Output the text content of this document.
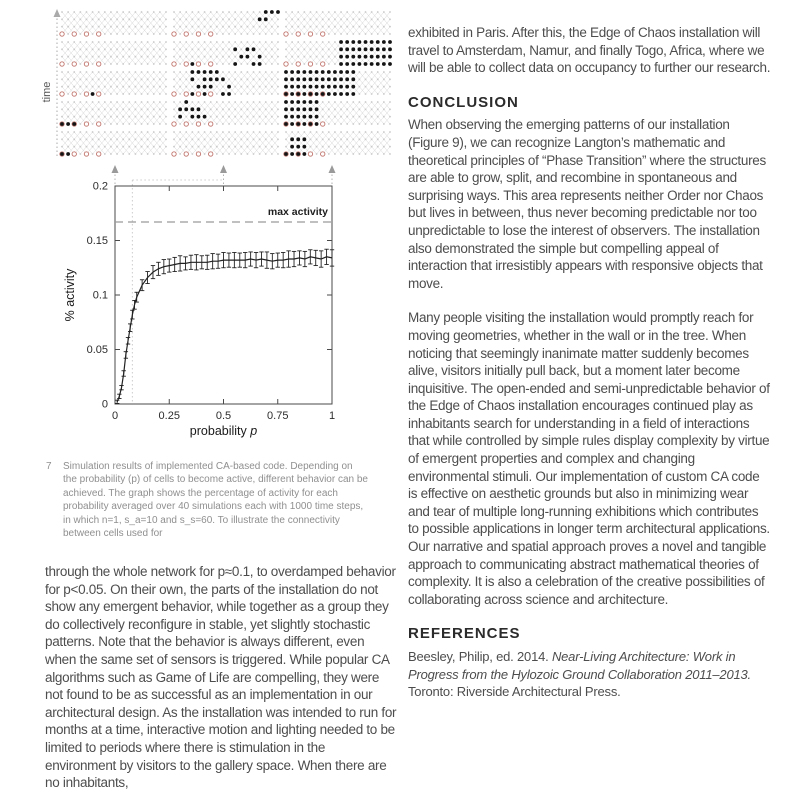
time
0	0.25	0.5	0.75	1
0
0.05
0.1
0.15
0.2
max activity
% activity
probability p
7 Simulation results of implemented CA-based code. Depending on the probability (p) of cells to become active, different behavior can be achieved. The graph shows the percentage of activity for each probability averaged over 40 simulations each with 1000 time steps, in which n=1, s_a=10 and s_s=60. To illustrate the connectivity between cells used for
through the whole network for p≈0.1, to overdamped behavior for p<0.05. On their own, the parts of the installation do not show any emergent behavior, while together as a group they do collectively reconfigure in stable, yet slightly stochastic patterns. Note that the behavior is always different, even when the same set of sensors is triggered. While popular CA algorithms such as Game of Life are compelling, they were not found to be as successful as an implementation in our architectural design. As the installation was intended to run for months at a time, interactive motion and lighting needed to be limited to periods where there is stimulation in the environment by visitors to the gallery space. When there are no inhabitants,

exhibited in Paris. After this, the Edge of Chaos installation will travel to Amsterdam, Namur, and finally Togo, Africa, where we will be able to collect data on occupancy to further our research.

CONCLUSION

When observing the emerging patterns of our installation (Figure 9), we can recognize Langton’s mathematic and theoretical principles of “Phase Transition” where the structures are able to grow, split, and recombine in spontaneous and surprising ways. This area represents neither Order nor Chaos but lives in between, thus never becoming predictable nor too unpredictable to lose the interest of observers. The installation also demonstrated the simple but compelling appeal of interaction that irresistibly appears with responsive objects that move.

Many people visiting the installation would promptly reach for moving geometries, whether in the wall or in the tree. When noticing that seemingly inanimate matter suddenly becomes alive, visitors initially pull back, but a moment later become inquisitive. The open-ended and semi-unpredictable behavior of the Edge of Chaos installation encourages continued play as inhabitants search for understanding in a field of interactions that while controlled by simple rules display complexity by virtue of emergent properties and complex and changing environmental stimuli. Our implementation of custom CA code is effective on aesthetic grounds but also in minimizing wear and tear of multiple long-running exhibitions which contributes to possible applications in longer term architectural applications. Our narrative and spatial approach proves a novel and tangible approach to communicating abstract mathematical theories of complexity. It is also a celebration of the creative possibilities of collaborating across science and architecture.

REFERENCES

Beesley, Philip, ed. 2014. Near-Living Architecture: Work in Progress from the Hylozoic Ground Collaboration 2011–2013. Toronto: Riverside Architectural Press.
